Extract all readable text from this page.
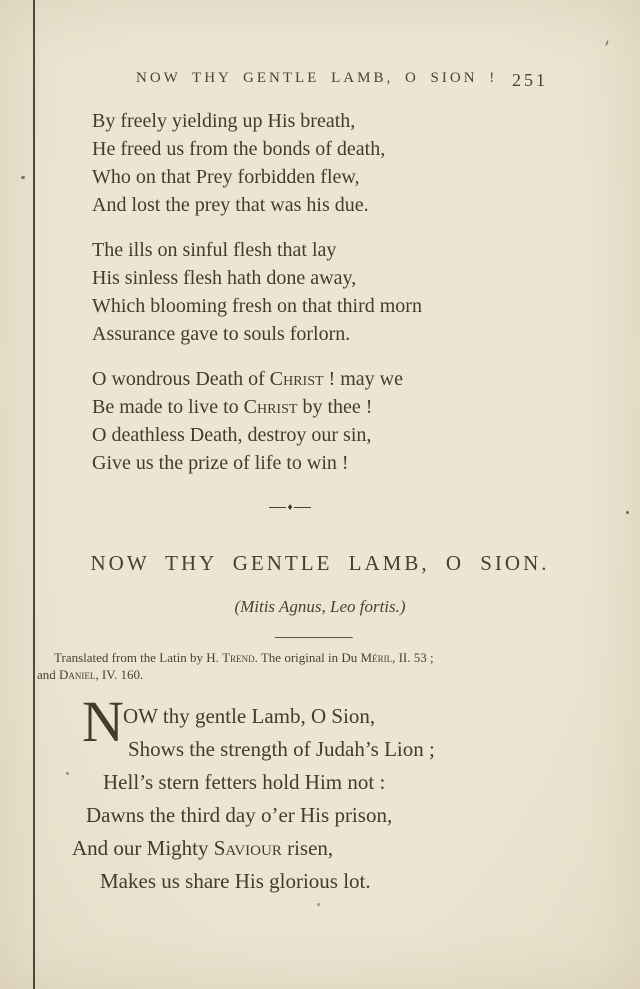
NOW THY GENTLE LAMB, O SION ! 251
By freely yielding up His breath,
He freed us from the bonds of death,
Who on that Prey forbidden flew,
And lost the prey that was his due.
The ills on sinful flesh that lay
His sinless flesh hath done away,
Which blooming fresh on that third morn
Assurance gave to souls forlorn.
O wondrous Death of Christ ! may we
Be made to live to Christ by thee !
O deathless Death, destroy our sin,
Give us the prize of life to win !
♦
NOW THY GENTLE LAMB, O SION.
(Mitis Agnus, Leo fortis.)
Translated from the Latin by H. Trend. The original in Du Méril, II. 53 ;
and Daniel, IV. 160.
N OW thy gentle Lamb, O Sion,
Shows the strength of Judah’s Lion ;
Hell’s stern fetters hold Him not :
Dawns the third day o’er His prison,
And our Mighty Saviour risen,
Makes us share His glorious lot.
